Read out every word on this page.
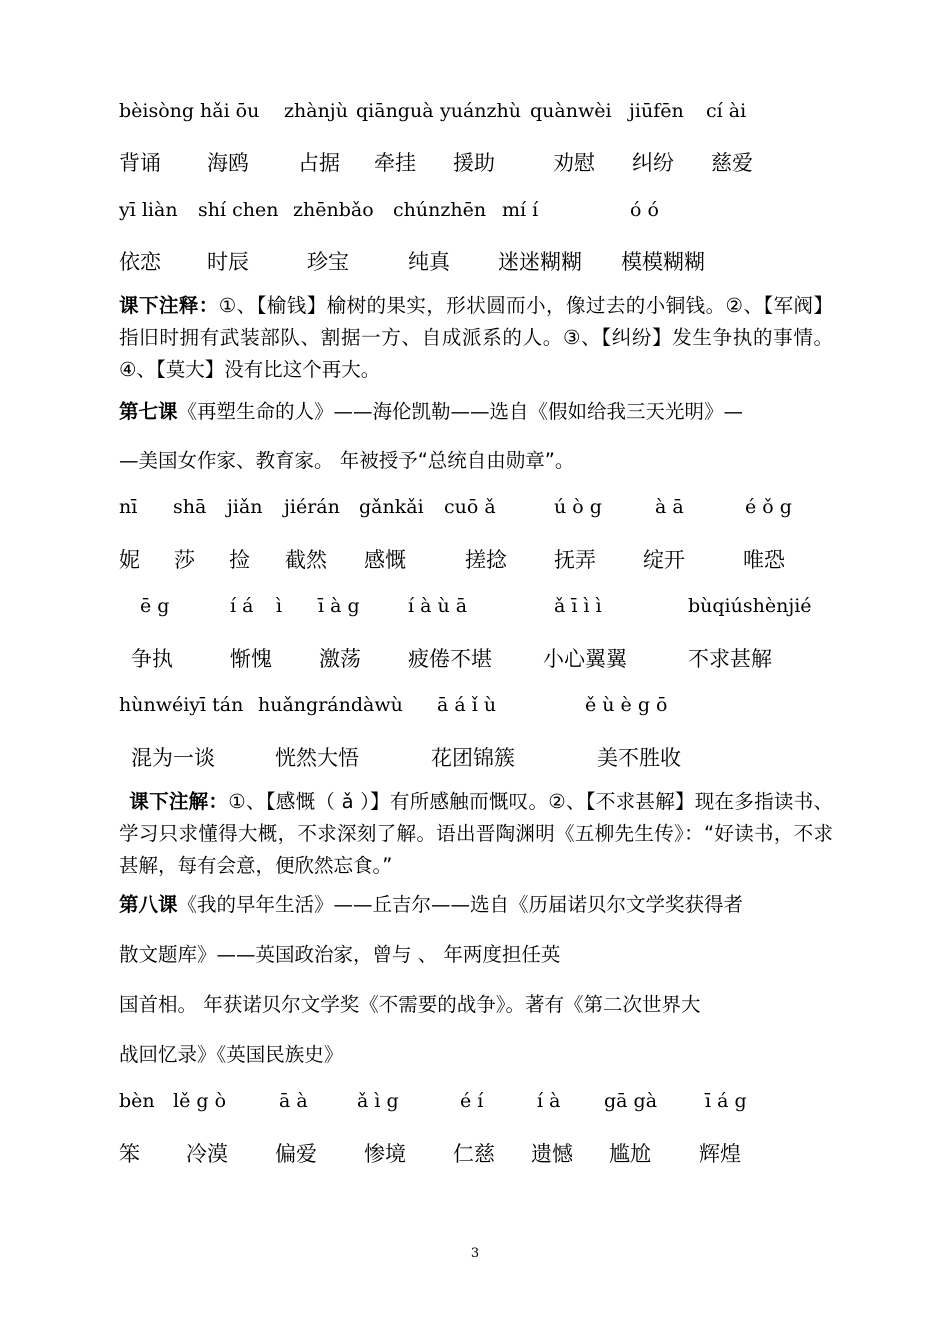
bèisòng hǎi ōu zhànjù qiānguà yuánzhù quànwèi jiūfēn cí ài
背诵 海鸥 占据 牵挂 援助	劝慰 纠纷 慈爱
yī liàn shí chen zhēnbǎo chúnzhēn mí í	ó ó
依恋 时辰	珍宝	纯真 迷迷糊糊 模模糊糊
课下注释：①、【榆钱】榆树的果实，形状圆而小，像过去的小铜钱。②、【军阀】指旧时拥有武装部队、割据一方、自成派系的人。③、【纠纷】发生争执的事情。④、【莫大】没有比这个再大。
第七课《再塑生命的人》——海伦凯勒——选自《假如给我三天光明》—
—美国女作家、教育家。 年被授予“总统自由勋章”。
nī shā jiǎn jiérán gǎnkǎi cuō ǎ	ú ò g	à ā	é ǒ g
妮 莎 捡 截然 感慨	搓捻 抚弄 绽开	唯恐
ē g	í á ì ī à g	í à ù ā	ǎ ī ì ì	bùqiúshènjié
争执	惭愧 激荡 疲倦不堪 小心翼翼	不求甚解
hùnwéiyī tán huǎngrándàwù ā á ǐ ù	ě ù è g ō
混为一谈	恍然大悟	花团锦簇	美不胜收
课下注解：①、【感慨（ ǎ ）】有所感触而慨叹。②、【不求甚解】现在多指读书、学习只求懂得大概，不求深刻了解。语出晋陶渊明《五柳先生传》：“好读书，不求甚解，每有会意，便欣然忘食。”
第八课《我的早年生活》——丘吉尔——选自《历届诺贝尔文学奖获得者
散文题库》——英国政治家，曾与 、 年两度担任英
国首相。 年获诺贝尔文学奖《不需要的战争》。著有《第二次世界大
战回忆录》《英国民族史》
bèn lě g ò	ā à	ǎ ì g	é í	í à gā gà	ī á g
笨 冷漠 偏爱 惨境 仁慈 遗憾 尴尬 辉煌
3
